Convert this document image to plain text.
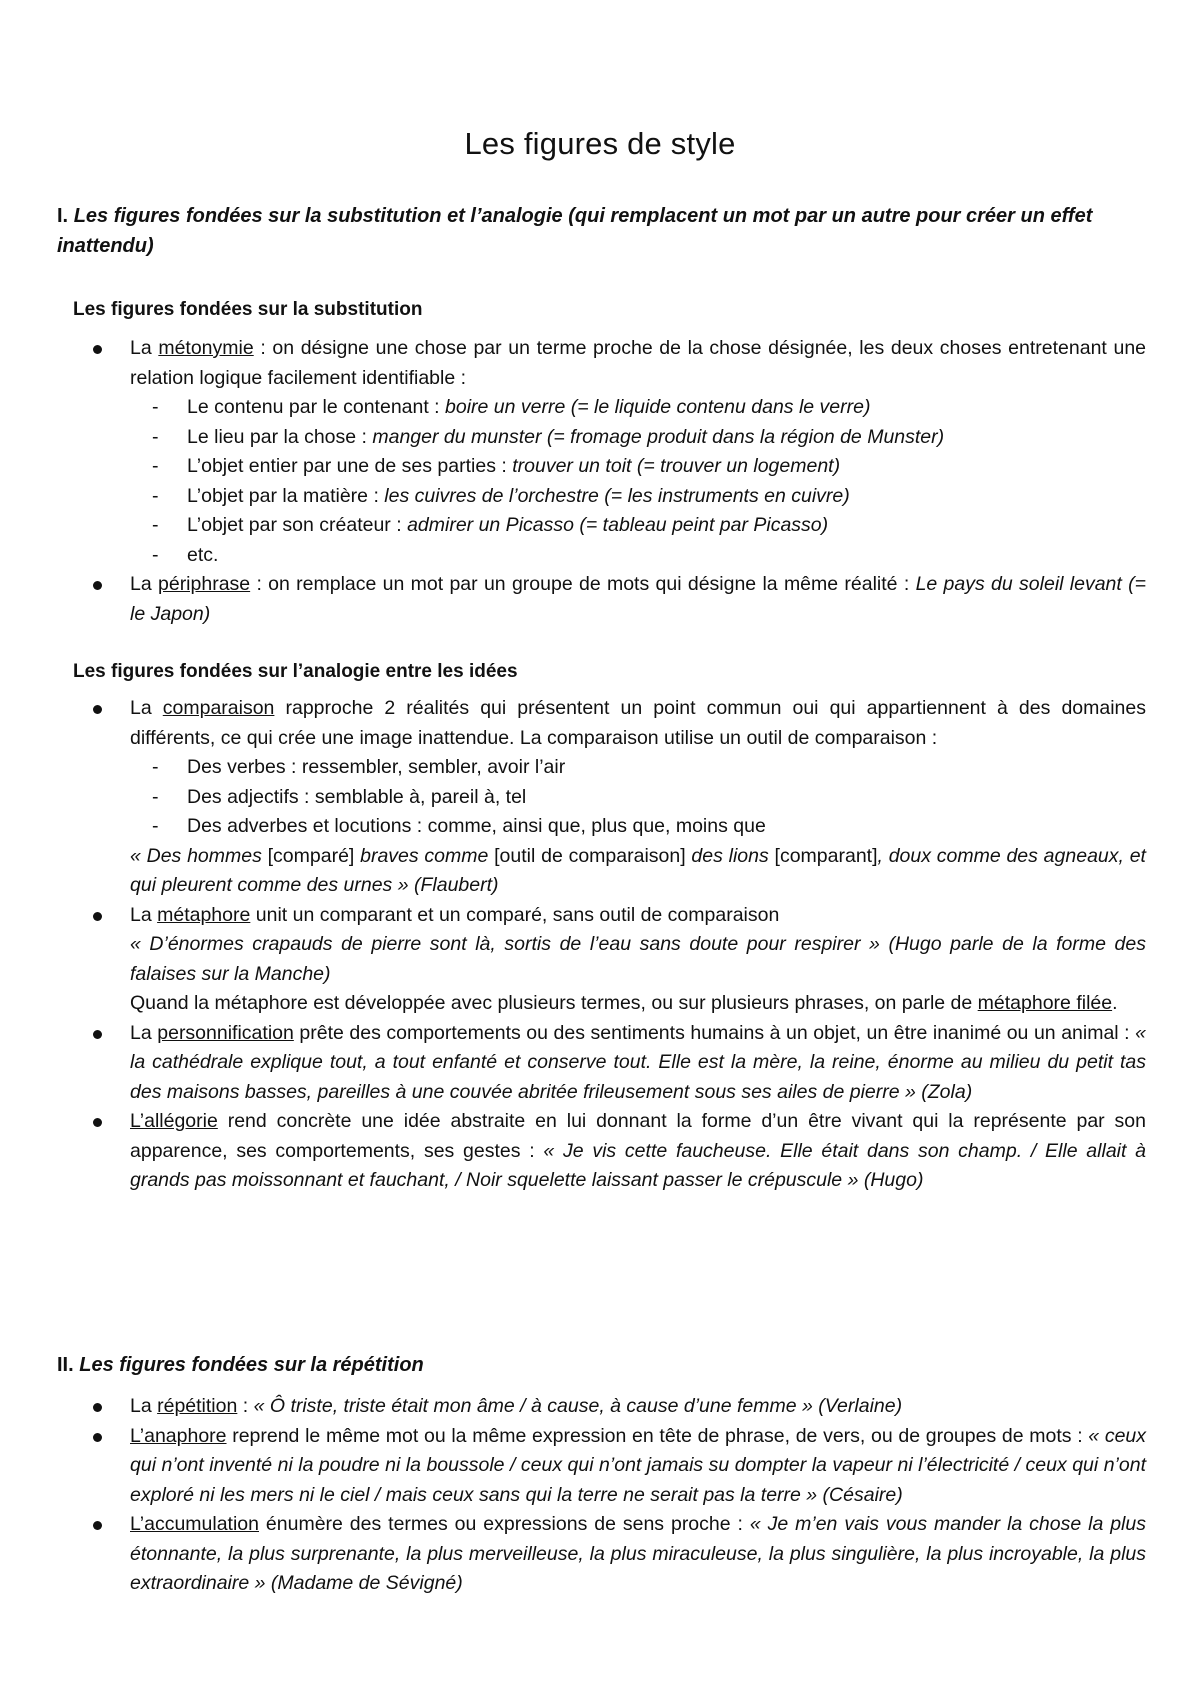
Les figures de style
I. Les figures fondées sur la substitution et l’analogie (qui remplacent un mot par un autre pour créer un effet inattendu)
Les figures fondées sur la substitution
La métonymie : on désigne une chose par un terme proche de la chose désignée, les deux choses entretenant une relation logique facilement identifiable :
- Le contenu par le contenant : boire un verre (= le liquide contenu dans le verre)
- Le lieu par la chose : manger du munster (= fromage produit dans la région de Munster)
- L’objet entier par une de ses parties : trouver un toit (= trouver un logement)
- L’objet par la matière : les cuivres de l’orchestre (= les instruments en cuivre)
- L’objet par son créateur : admirer un Picasso (= tableau peint par Picasso)
- etc.
La périphrase : on remplace un mot par un groupe de mots qui désigne la même réalité : Le pays du soleil levant (= le Japon)
Les figures fondées sur l’analogie entre les idées
La comparaison rapproche 2 réalités qui présentent un point commun oui qui appartiennent à des domaines différents, ce qui crée une image inattendue. La comparaison utilise un outil de comparaison :
- Des verbes : ressembler, sembler, avoir l’air
- Des adjectifs : semblable à, pareil à, tel
- Des adverbes et locutions : comme, ainsi que, plus que, moins que
« Des hommes [comparé] braves comme [outil de comparaison] des lions [comparant], doux comme des agneaux, et qui pleurent comme des urnes » (Flaubert)
La métaphore unit un comparant et un comparé, sans outil de comparaison
« D’énormes crapauds de pierre sont là, sortis de l’eau sans doute pour respirer » (Hugo parle de la forme des falaises sur la Manche)
Quand la métaphore est développée avec plusieurs termes, ou sur plusieurs phrases, on parle de métaphore filée.
La personnification prête des comportements ou des sentiments humains à un objet, un être inanimé ou un animal : « la cathédrale explique tout, a tout enfanté et conserve tout. Elle est la mère, la reine, énorme au milieu du petit tas des maisons basses, pareilles à une couvée abritée frileusement sous ses ailes de pierre » (Zola)
L’allégorie rend concrète une idée abstraite en lui donnant la forme d’un être vivant qui la représente par son apparence, ses comportements, ses gestes : « Je vis cette faucheuse. Elle était dans son champ. / Elle allait à grands pas moissonnant et fauchant, / Noir squelette laissant passer le crépuscule » (Hugo)
II. Les figures fondées sur la répétition
La répétition : « Ô triste, triste était mon âme / à cause, à cause d’une femme » (Verlaine)
L’anaphore reprend le même mot ou la même expression en tête de phrase, de vers, ou de groupes de mots : « ceux qui n’ont inventé ni la poudre ni la boussole / ceux qui n’ont jamais su dompter la vapeur ni l’électricité / ceux qui n’ont exploré ni les mers ni le ciel / mais ceux sans qui la terre ne serait pas la terre » (Césaire)
L’accumulation énumère des termes ou expressions de sens proche : « Je m’en vais vous mander la chose la plus étonnante, la plus surprenante, la plus merveilleuse, la plus miraculeuse, la plus singulière, la plus incroyable, la plus extraordinaire » (Madame de Sévigné)
